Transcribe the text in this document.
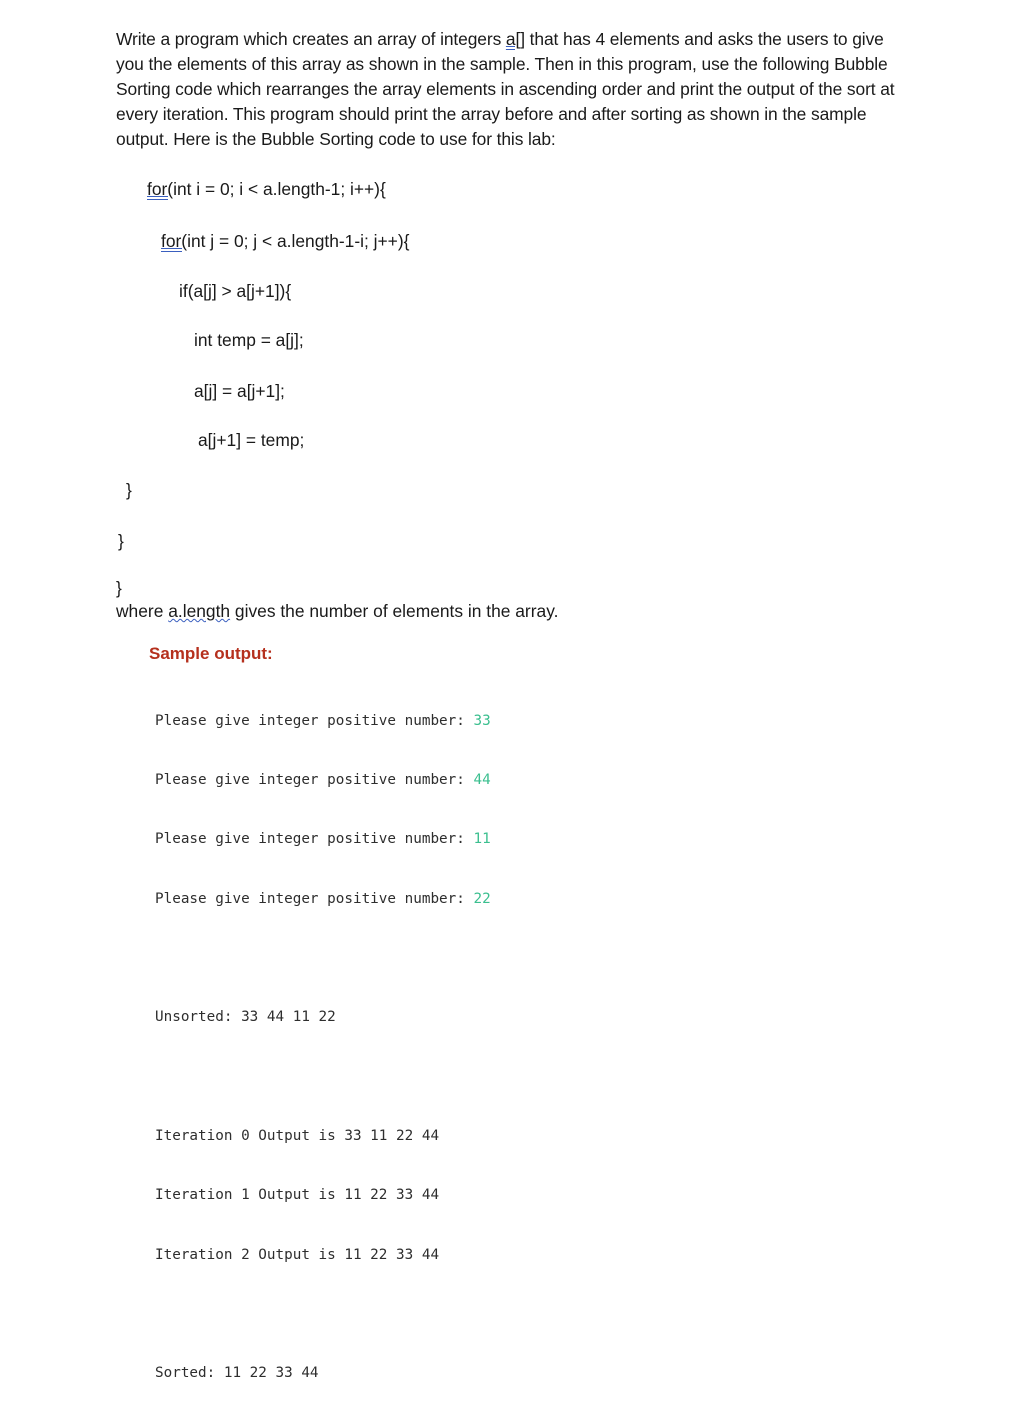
Write a program which creates an array of integers a[] that has 4 elements and asks the users to give you the elements of this array as shown in the sample. Then in this program, use the following Bubble Sorting code which rearranges the array elements in ascending order and print the output of the sort at every iteration. This program should print the array before and after sorting as shown in the sample output. Here is the Bubble Sorting code to use for this lab:

for(int i = 0; i < a.length-1; i++){

for(int j = 0; j < a.length-1-i; j++){

if(a[j] > a[j+1]){

int temp = a[j];

a[j] = a[j+1];

a[j+1] = temp;

}

}

}

where a.length gives the number of elements in the array.

Sample output:

Please give integer positive number: 33

Please give integer positive number: 44

Please give integer positive number: 11

Please give integer positive number: 22

Unsorted: 33 44 11 22

Iteration 0 Output is 33 11 22 44

Iteration 1 Output is 11 22 33 44

Iteration 2 Output is 11 22 33 44

Sorted: 11 22 33 44
